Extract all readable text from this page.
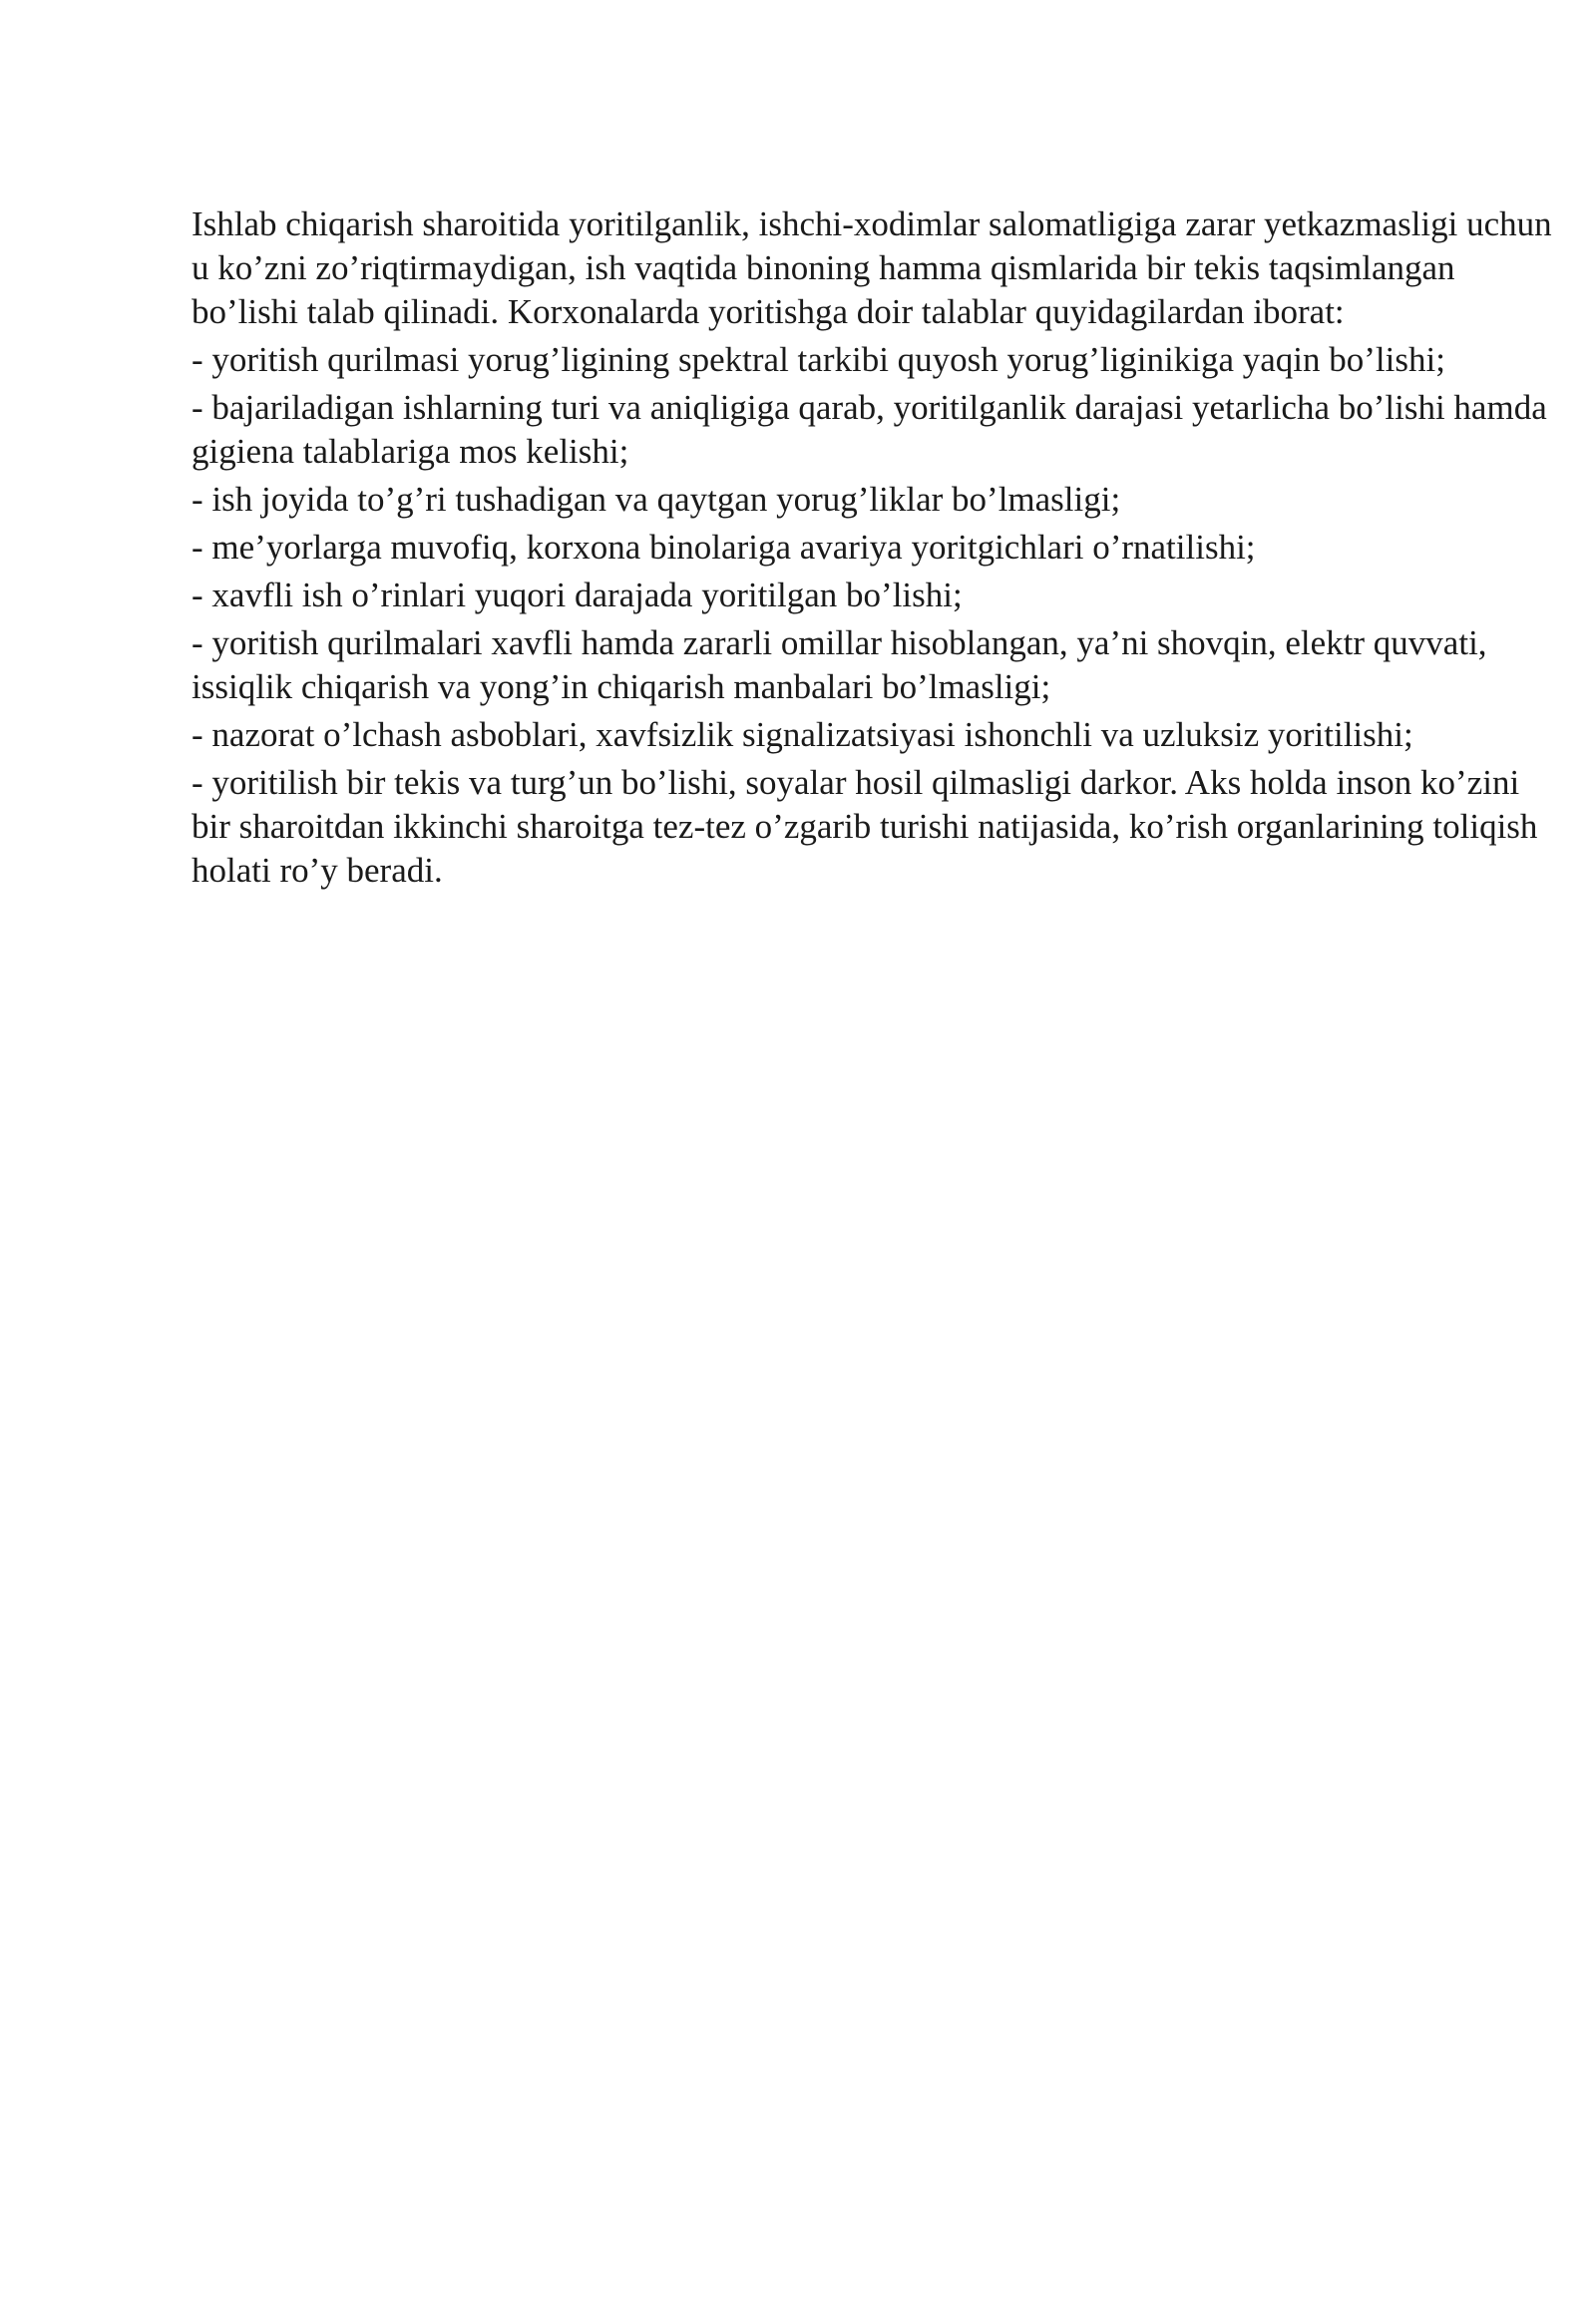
Ishlab chiqarish sharoitida yoritilganlik, ishchi-xodimlar salomatligiga zarar yetkazmasligi uchun u ko’zni zo’riqtirmaydigan, ish vaqtida binoning hamma qismlarida bir tekis taqsimlangan bo’lishi talab qilinadi. Korxonalarda yoritishga doir talablar quyidagilardan iborat:

- yoritish qurilmasi yorug’ligining spektral tarkibi quyosh yorug’liginikiga yaqin bo’lishi;

- bajariladigan ishlarning turi va aniqligiga qarab, yoritilganlik darajasi yetarlicha bo’lishi hamda gigiena talablariga mos kelishi;

- ish joyida to’g’ri tushadigan va qaytgan yorug’liklar bo’lmasligi;

- me’yorlarga muvofiq, korxona binolariga avariya yoritgichlari o’rnatilishi;

- xavfli ish o’rinlari yuqori darajada yoritilgan bo’lishi;

- yoritish qurilmalari xavfli hamda zararli omillar hisoblangan, ya’ni shovqin, elektr quvvati, issiqlik chiqarish va yong’in chiqarish manbalari bo’lmasligi;

- nazorat o’lchash asboblari, xavfsizlik signalizatsiyasi ishonchli va uzluksiz yoritilishi;

- yoritilish bir tekis va turg’un bo’lishi, soyalar hosil qilmasligi darkor. Aks holda inson ko’zini bir sharoitdan ikkinchi sharoitga tez-tez o’zgarib turishi natijasida, ko’rish organlarining toliqish holati ro’y beradi.
